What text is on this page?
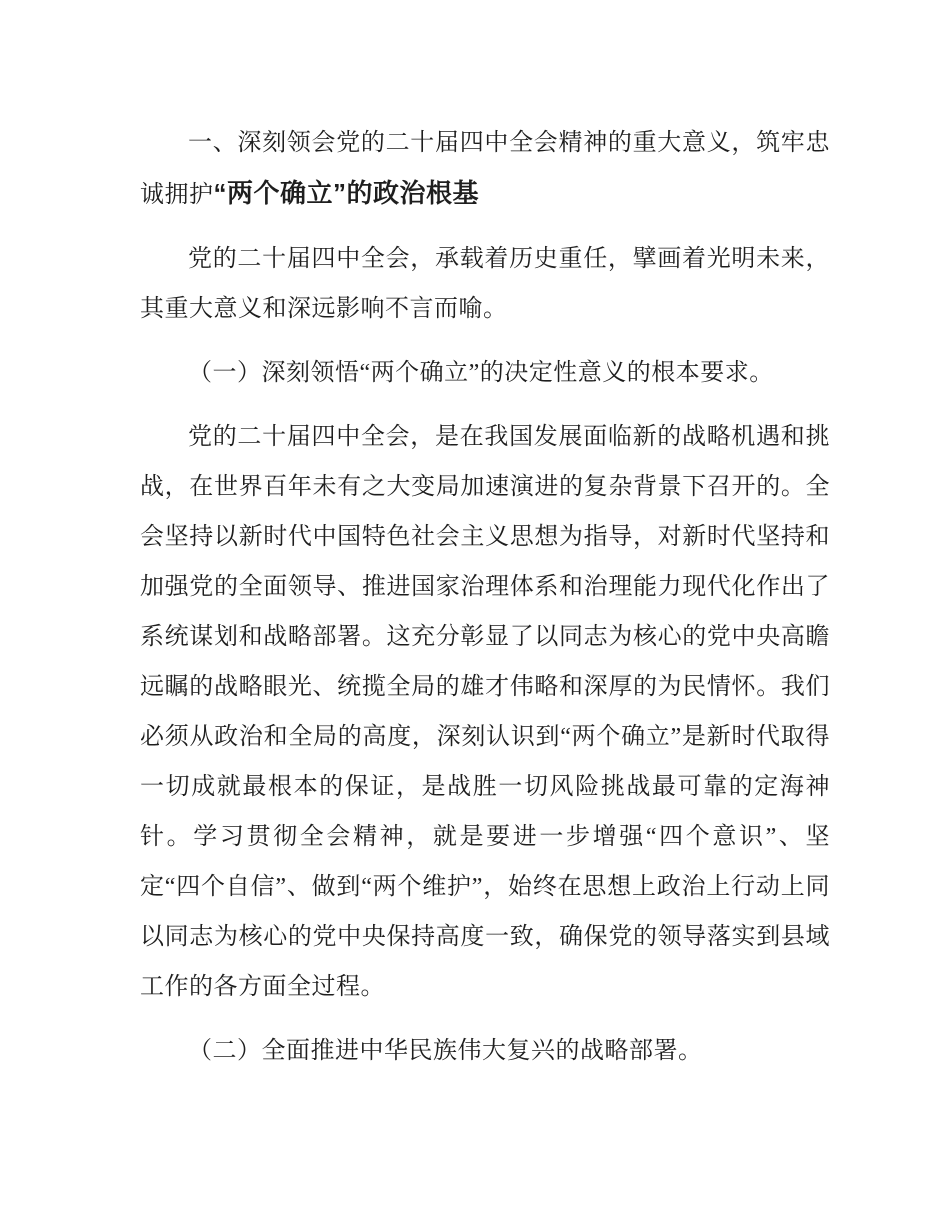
一、深刻领会党的二十届四中全会精神的重大意义，筑牢忠诚拥护“两个确立”的政治根基

党的二十届四中全会，承载着历史重任，擘画着光明未来，其重大意义和深远影响不言而喻。

（一）深刻领悟“两个确立”的决定性意义的根本要求。

党的二十届四中全会，是在我国发展面临新的战略机遇和挑战，在世界百年未有之大变局加速演进的复杂背景下召开的。全会坚持以新时代中国特色社会主义思想为指导，对新时代坚持和加强党的全面领导、推进国家治理体系和治理能力现代化作出了系统谋划和战略部署。这充分彰显了以同志为核心的党中央高瞻远瞩的战略眼光、统揽全局的雄才伟略和深厚的为民情怀。我们必须从政治和全局的高度，深刻认识到“两个确立”是新时代取得一切成就最根本的保证，是战胜一切风险挑战最可靠的定海神针。学习贯彻全会精神，就是要进一步增强“四个意识”、坚定“四个自信”、做到“两个维护”，始终在思想上政治上行动上同以同志为核心的党中央保持高度一致，确保党的领导落实到县域工作的各方面全过程。

（二）全面推进中华民族伟大复兴的战略部署。
